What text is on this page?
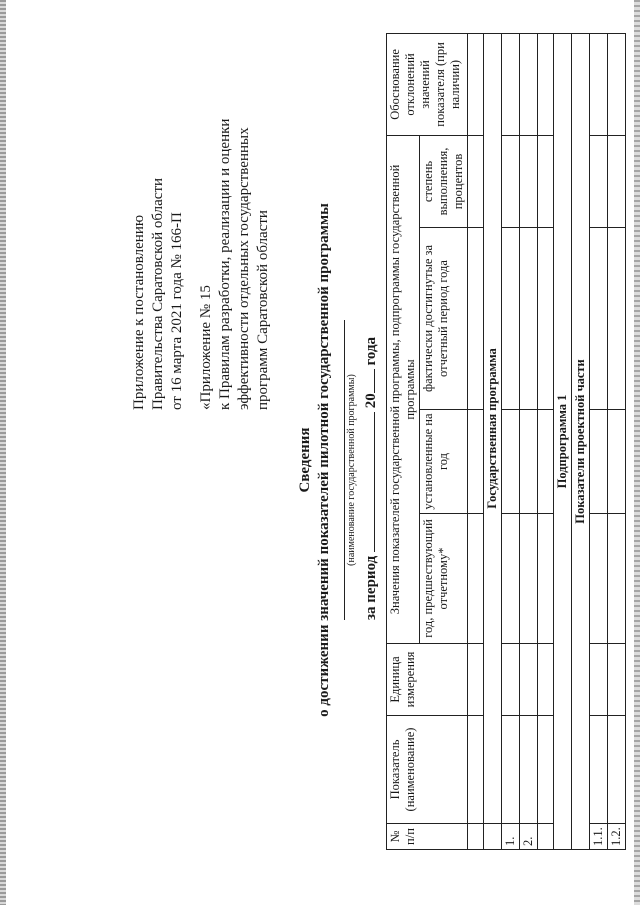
Приложение к постановлению Правительства Саратовской области от 16 марта 2021 года № 166-П «Приложение № 15 к Правилам разработки, реализации и оценки эффективности отдельных государственных программ Саратовской области
Сведения о достижении значений показателей пилотной государственной программы (наименование государственной программы)
за период  20 года
№ п/п	Показатель (наименование)	Единица измерения	Значения показателей государственной программы, подпрограммы государственной программы				Обоснование отклонений значений показателя (при наличии)
			год, предшествующий отчетному*	установленные на год	фактически достигнутые за отчетный период года	степень выполнения, процентов	

	Государственная программа						
1.							
2.							

Подпрограмма 1							
Показатели проектной части							
1.1.							
1.2.							
